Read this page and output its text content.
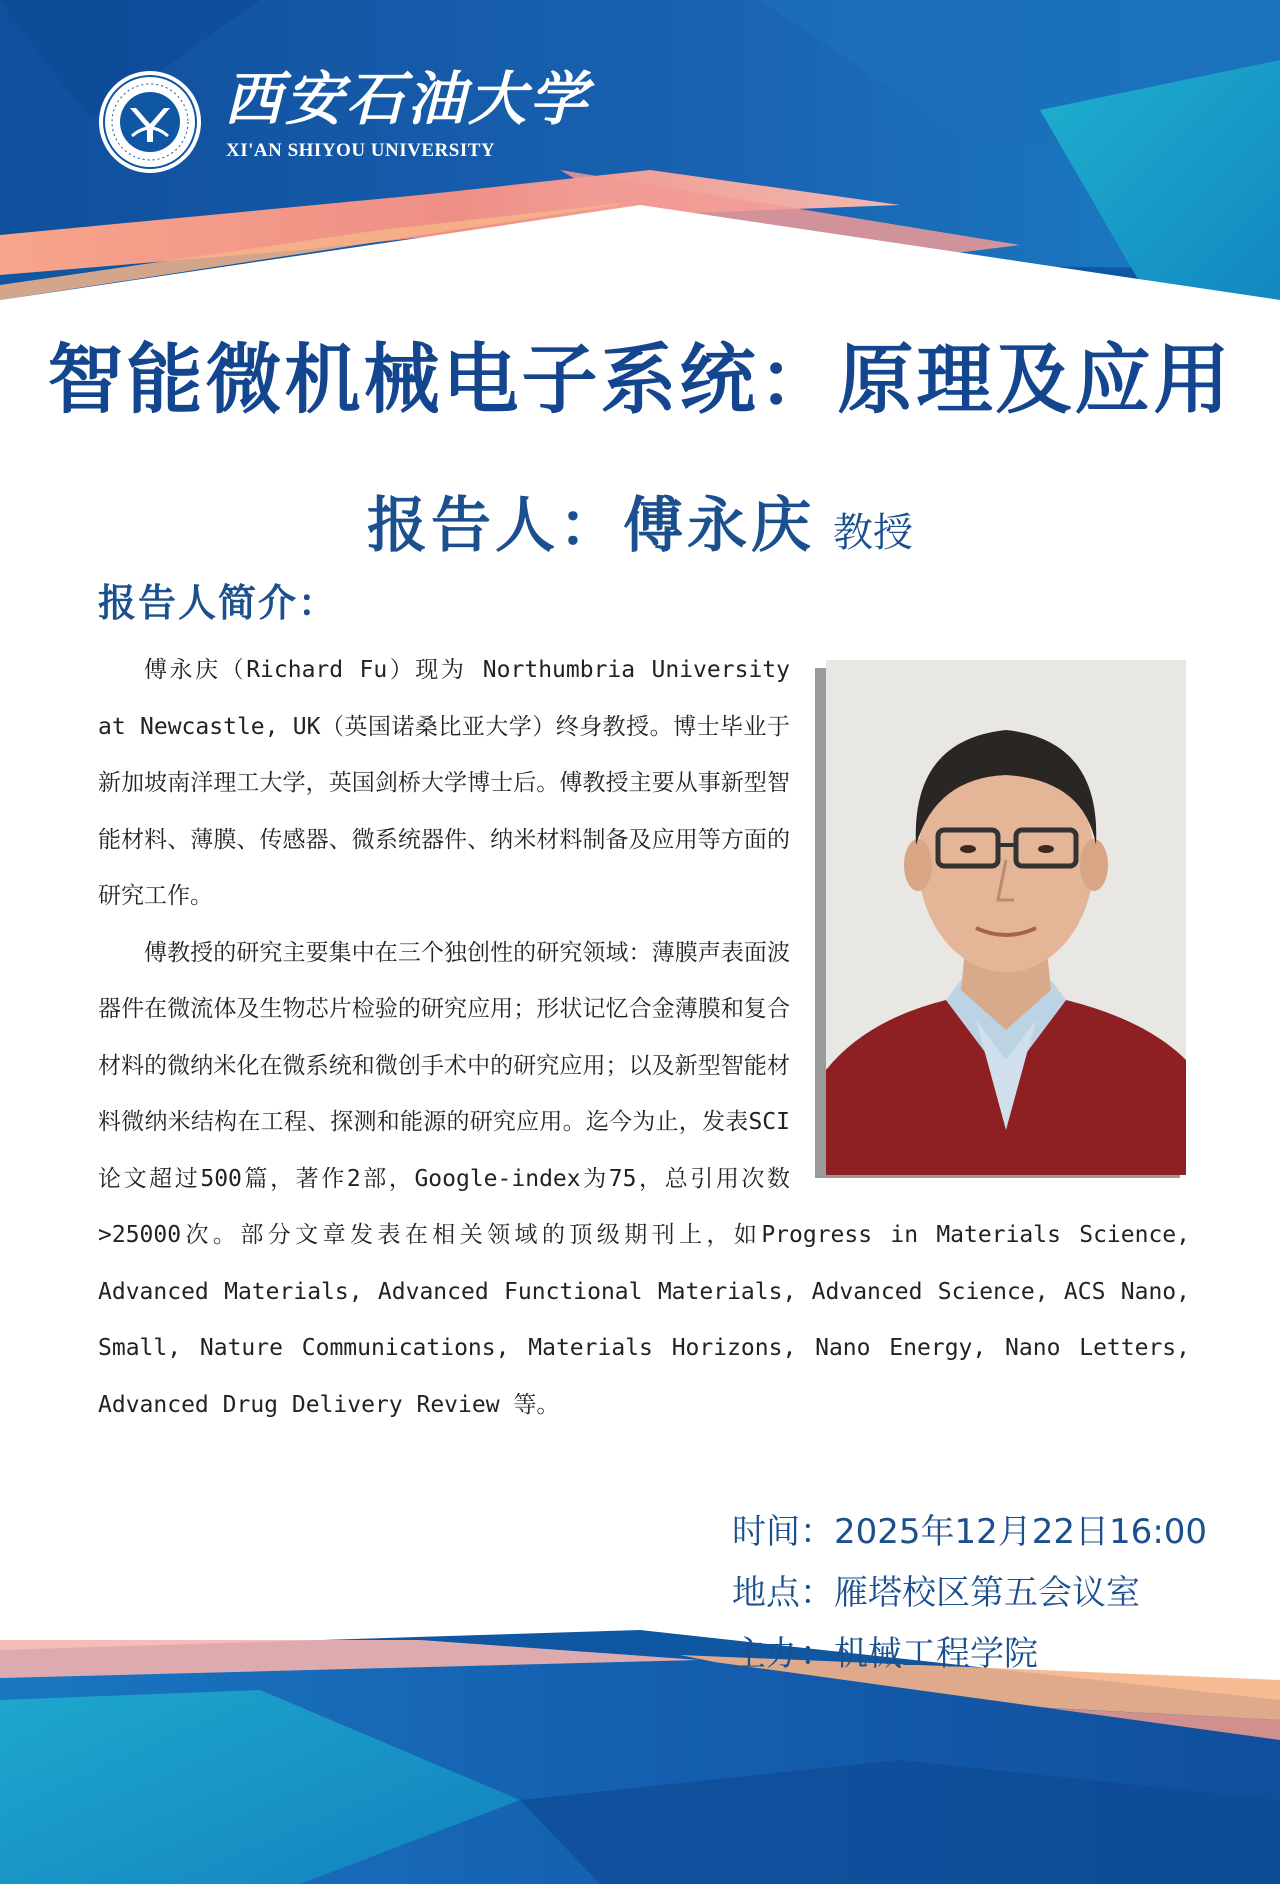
西安石油大学
XI'AN SHIYOU UNIVERSITY
智能微机械电子系统：原理及应用
报告人：傅永庆 教授
报告人简介：

傅永庆（Richard Fu）现为 Northumbria University at Newcastle, UK（英国诺桑比亚大学）终身教授。博士毕业于新加坡南洋理工大学，英国剑桥大学博士后。傅教授主要从事新型智能材料、薄膜、传感器、微系统器件、纳米材料制备及应用等方面的研究工作。

傅教授的研究主要集中在三个独创性的研究领域：薄膜声表面波器件在微流体及生物芯片检验的研究应用；形状记忆合金薄膜和复合材料的微纳米化在微系统和微创手术中的研究应用；以及新型智能材料微纳米结构在工程、探测和能源的研究应用。迄今为止，发表SCI论文超过500篇，著作2部，Google-index为75，总引用次数>25000次。部分文章发表在相关领域的顶级期刊上，如Progress in Materials Science, Advanced Materials, Advanced Functional Materials, Advanced Science, ACS Nano, Small, Nature Communications, Materials Horizons, Nano Energy, Nano Letters, Advanced Drug Delivery Review 等。

时间：2025年12月22日16:00
地点：雁塔校区第五会议室
主办：机械工程学院
